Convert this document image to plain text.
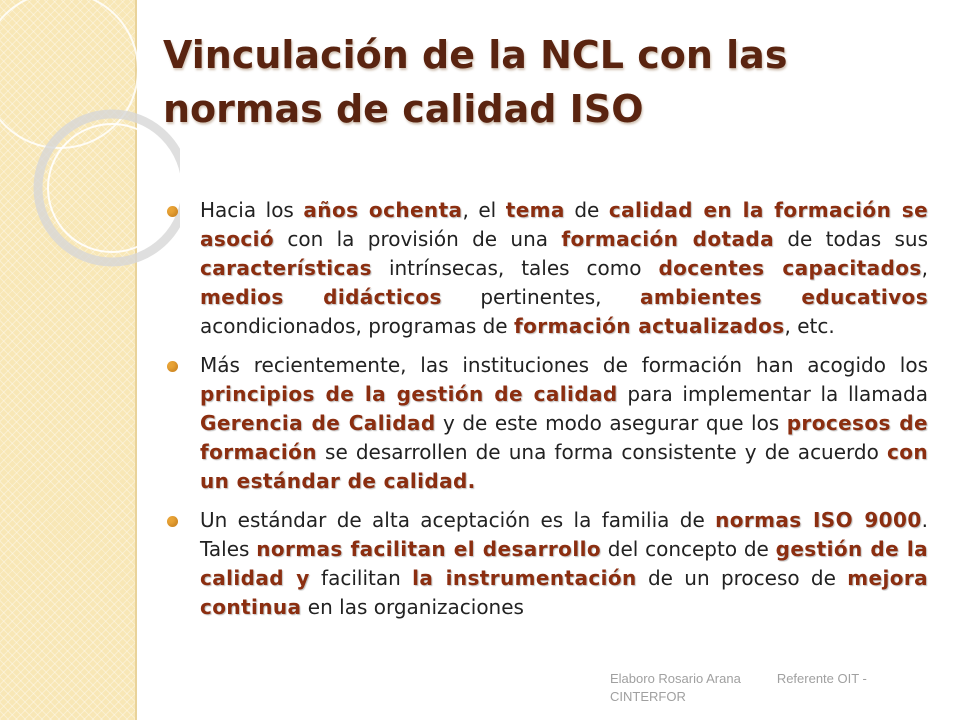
Vinculación de la NCL con las
normas de calidad ISO
Hacia los años ochenta, el tema de calidad en la formación se asoció con la provisión de una formación dotada de todas sus características intrínsecas, tales como docentes capacitados, medios didácticos pertinentes, ambientes educativos acondicionados, programas de formación actualizados, etc.
Más recientemente, las instituciones de formación han acogido los principios de la gestión de calidad para implementar la llamada Gerencia de Calidad y de este modo asegurar que los procesos de formación se desarrollen de una forma consistente y de acuerdo con un estándar de calidad.
Un estándar de alta aceptación es la familia de normas ISO 9000. Tales normas facilitan el desarrollo del concepto de gestión de la calidad y facilitan la instrumentación de un proceso de mejora continua en las organizaciones
Elaboro Rosario Arana	Referente OIT -
CINTERFOR
